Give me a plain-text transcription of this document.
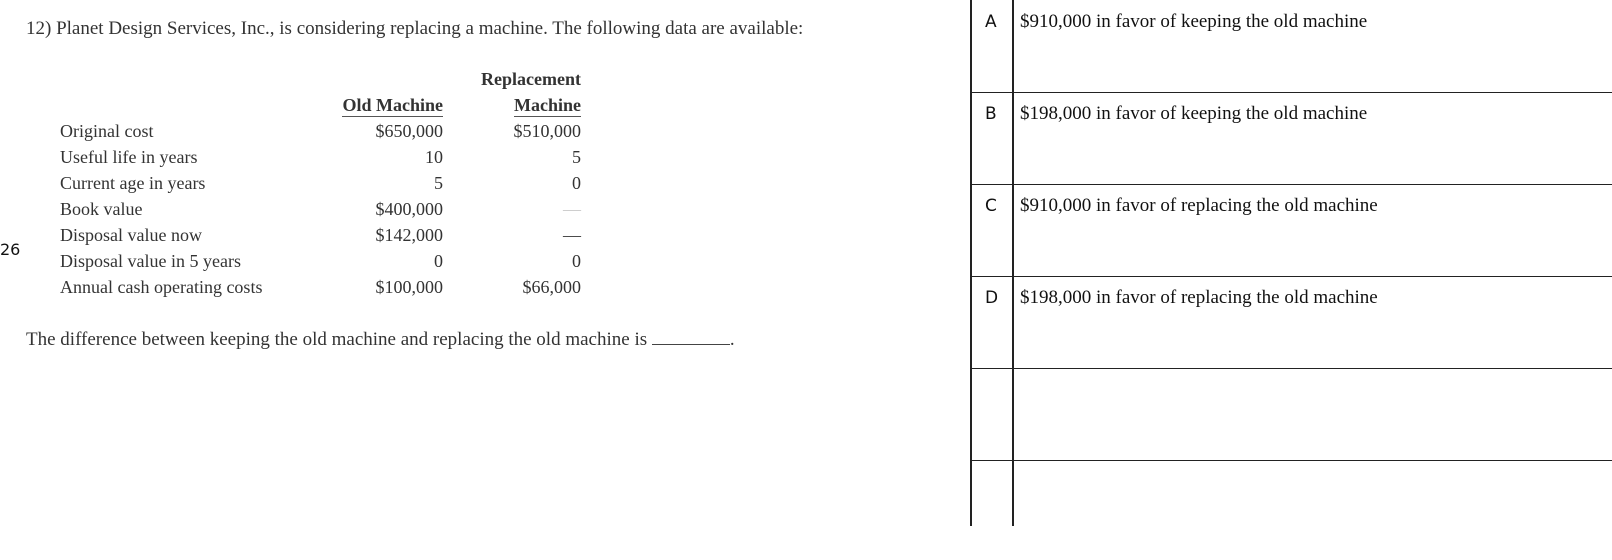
26
12) Planet Design Services, Inc., is considering replacing a machine. The following data are available:
		Replacement
	Old Machine	Machine
Original cost	$650,000	$510,000
Useful life in years	10	5
Current age in years	5	0
Book value	$400,000	—
Disposal value now	$142,000	—
Disposal value in 5 years	0	0
Annual cash operating costs	$100,000	$66,000
The difference between keeping the old machine and replacing the old machine is	.
A $910,000 in favor of keeping the old machine
B $198,000 in favor of keeping the old machine
C $910,000 in favor of replacing the old machine
D $198,000 in favor of replacing the old machine
